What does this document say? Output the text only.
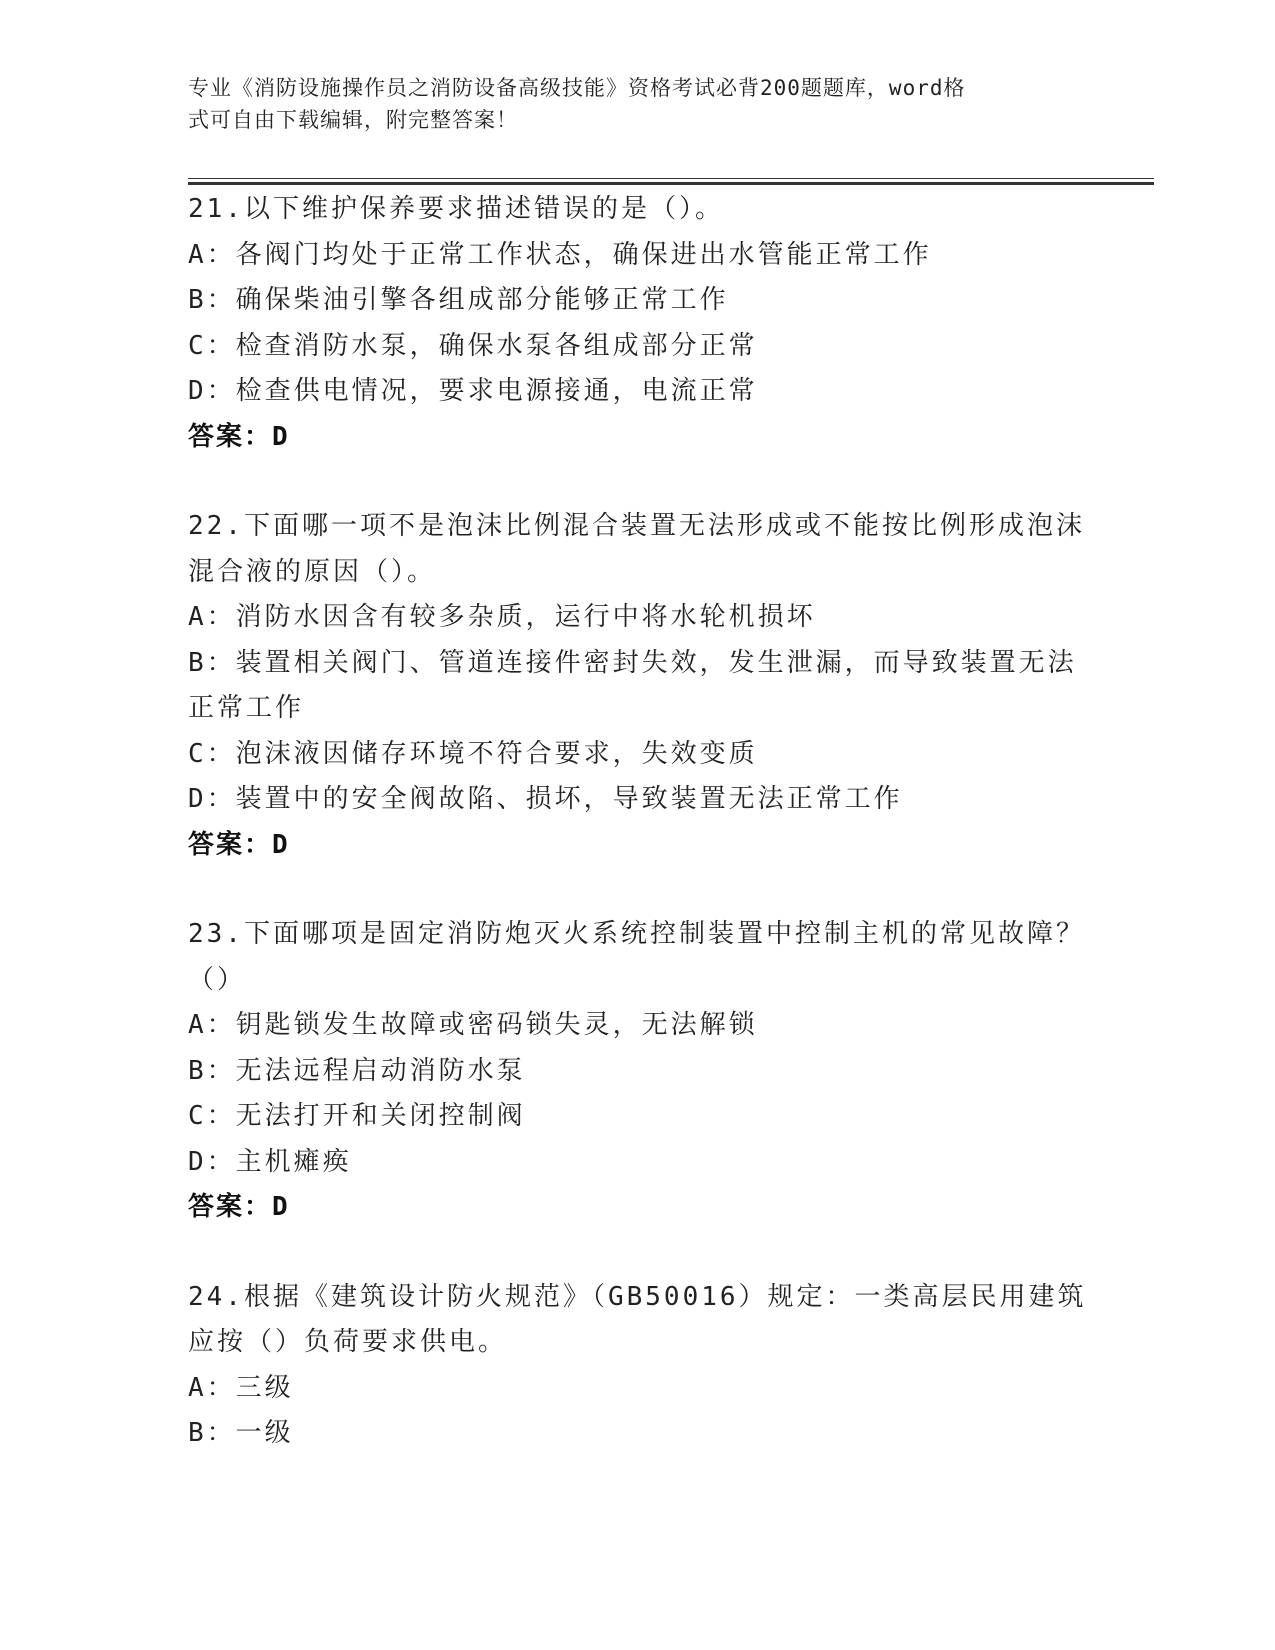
专业《消防设施操作员之消防设备高级技能》资格考试必背200题题库，word格
式可自由下载编辑，附完整答案！
21.以下维护保养要求描述错误的是（）。
A：各阀门均处于正常工作状态，确保进出水管能正常工作
B：确保柴油引擎各组成部分能够正常工作
C：检查消防水泵，确保水泵各组成部分正常
D：检查供电情况，要求电源接通，电流正常
答案：D
22.下面哪一项不是泡沫比例混合装置无法形成或不能按比例形成泡沫
混合液的原因（）。
A：消防水因含有较多杂质，运行中将水轮机损坏
B：装置相关阀门、管道连接件密封失效，发生泄漏，而导致装置无法
正常工作
C：泡沫液因储存环境不符合要求，失效变质
D：装置中的安全阀故陷、损坏，导致装置无法正常工作
答案：D
23.下面哪项是固定消防炮灭火系统控制装置中控制主机的常见故障？
（）
A：钥匙锁发生故障或密码锁失灵，无法解锁
B：无法远程启动消防水泵
C：无法打开和关闭控制阀
D：主机瘫痪
答案：D
24.根据《建筑设计防火规范》（GB50016）规定：一类高层民用建筑
应按（）负荷要求供电。
A：三级
B：一级
